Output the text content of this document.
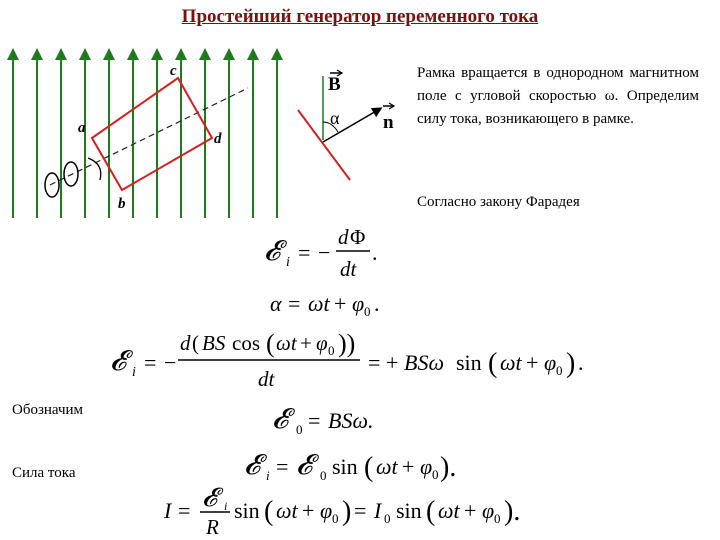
Простейший генератор переменного тока
c
a
d
b
B
α n

Рамка вращается в однородном магнитном поле с угловой скоростью ω. Определим силу тока, возникающего в рамке.

Согласно закону Фарадея
Обозначим
Сила тока
𝓔 i = −
d Φ
dt
.
α = ωt + φ 0 .
𝓔 i = −
d ( BS cos ( ωt + φ 0 ))
dt
= + BSω sin ( ωt + φ 0 ) .
𝓔 0 = BSω.
𝓔 i = 𝓔 0 sin ( ωt + φ 0 ).
I = 𝓔 i
R
sin ( ωt + φ 0 ) = I 0 sin ( ωt + φ 0 ).
